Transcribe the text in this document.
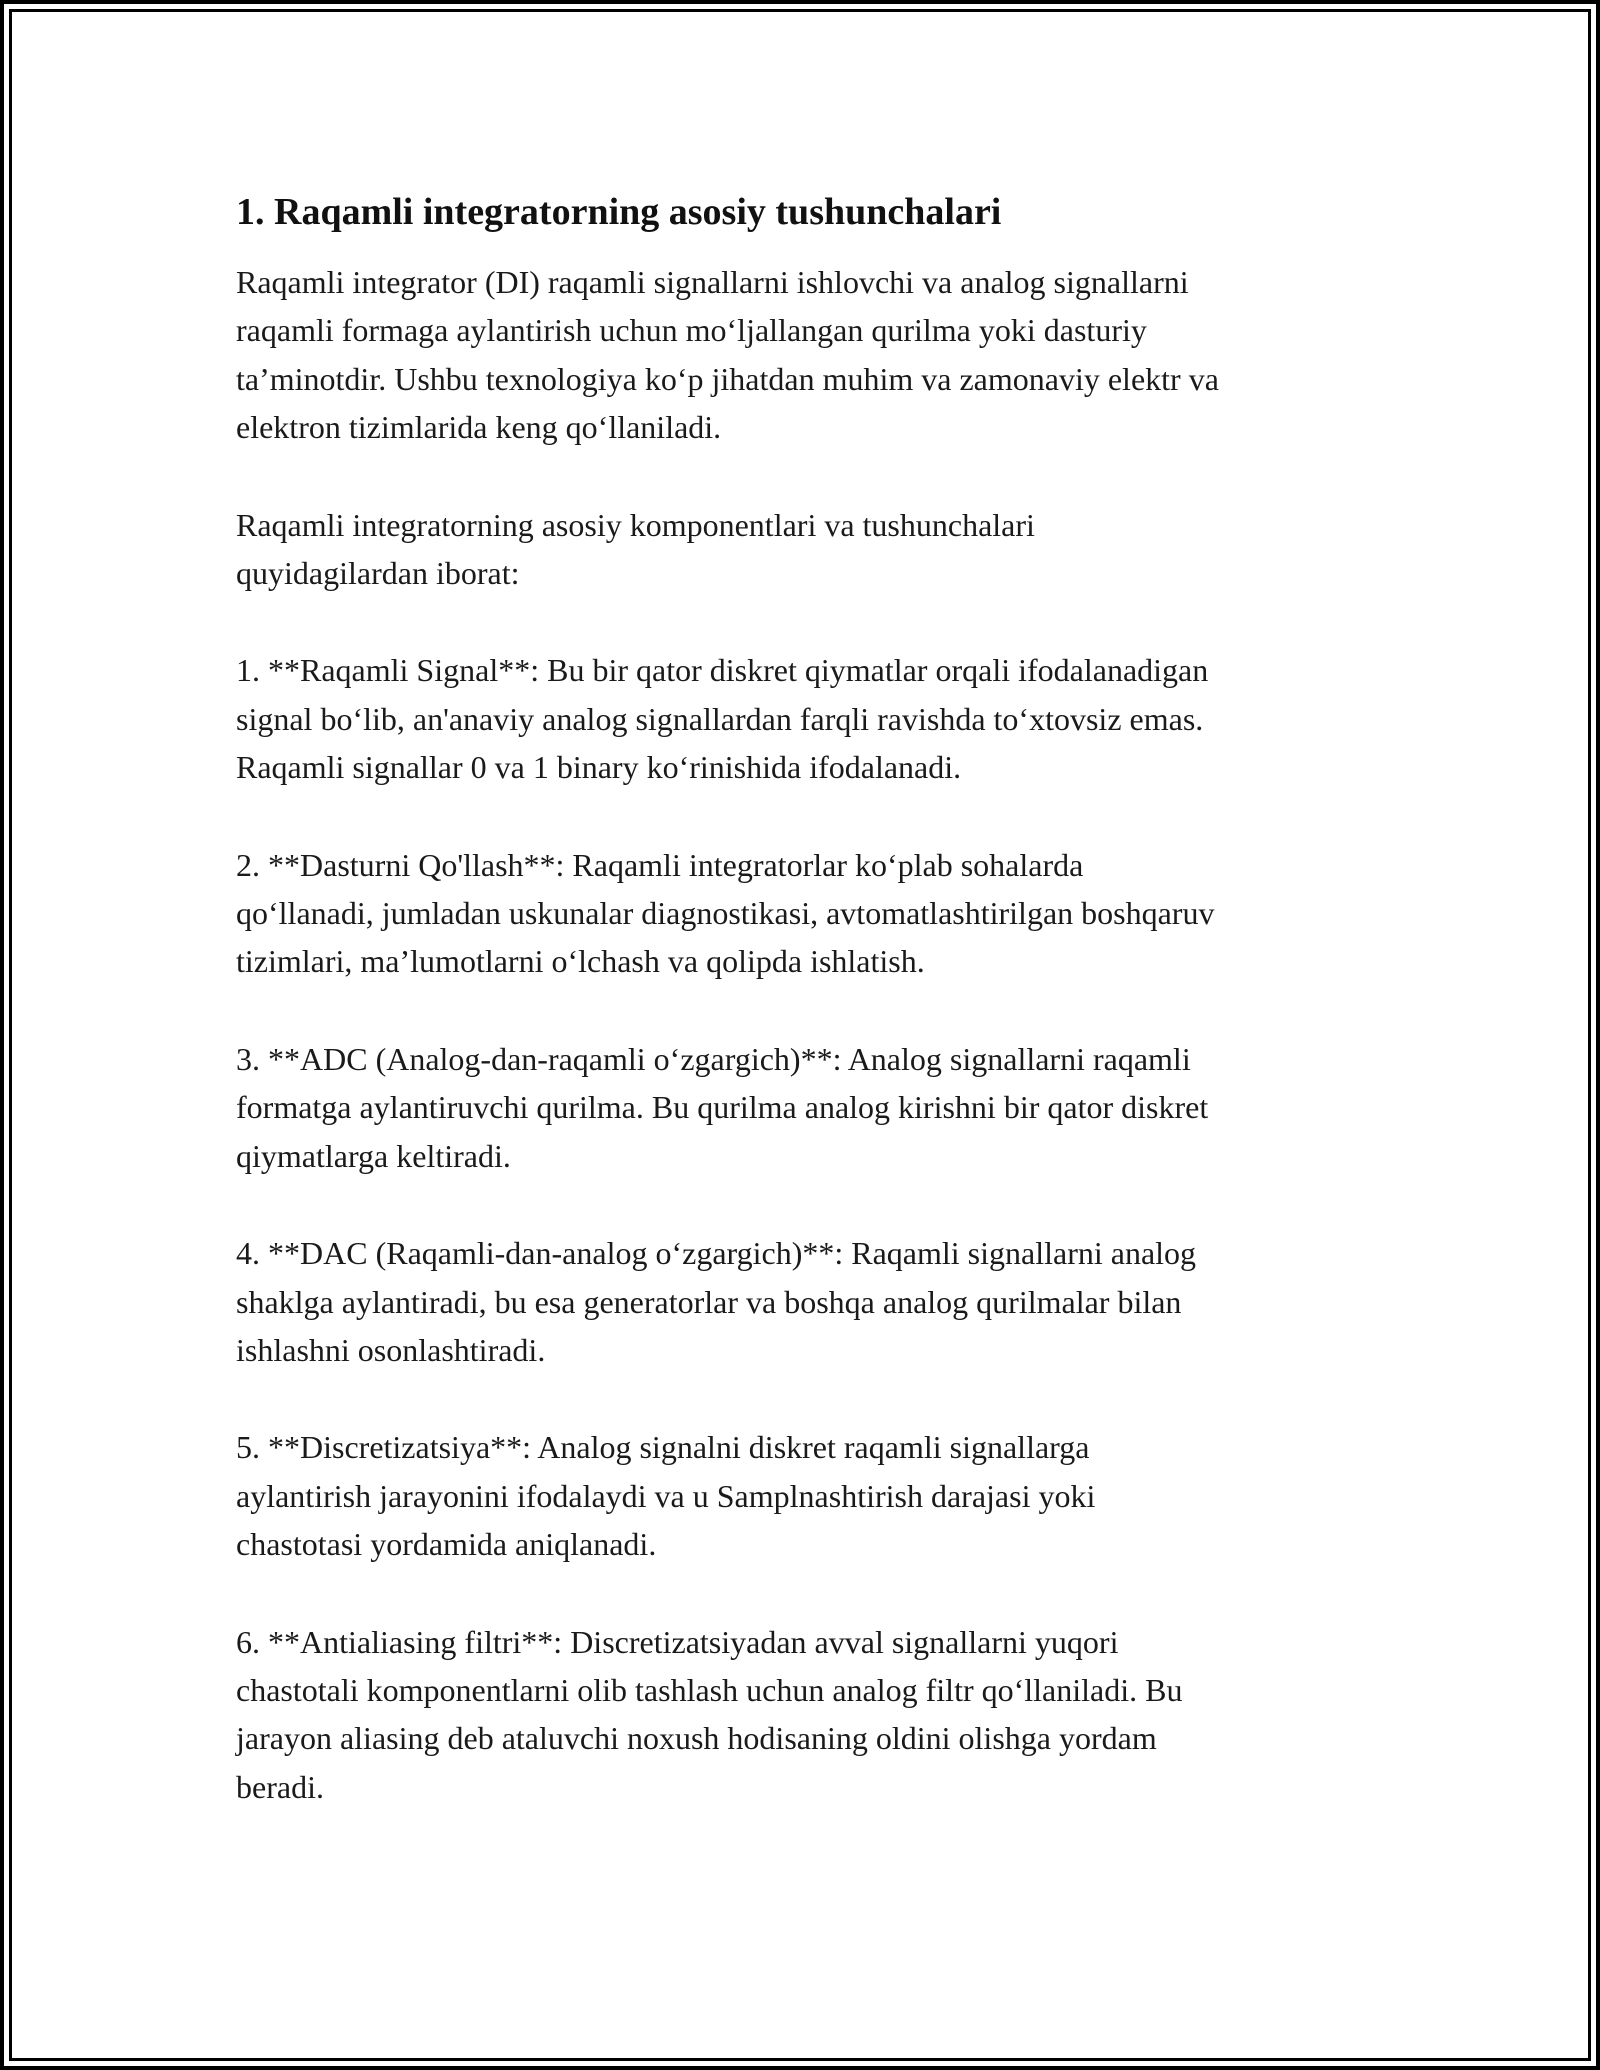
1. Raqamli integratorning asosiy tushunchalari

Raqamli integrator (DI) raqamli signallarni ishlovchi va analog signallarni
raqamli formaga aylantirish uchun mo‘ljallangan qurilma yoki dasturiy
ta’minotdir. Ushbu texnologiya ko‘p jihatdan muhim va zamonaviy elektr va
elektron tizimlarida keng qo‘llaniladi.

Raqamli integratorning asosiy komponentlari va tushunchalari
quyidagilardan iborat:

1. **Raqamli Signal**: Bu bir qator diskret qiymatlar orqali ifodalanadigan
signal bo‘lib, an'anaviy analog signallardan farqli ravishda to‘xtovsiz emas.
Raqamli signallar 0 va 1 binary ko‘rinishida ifodalanadi.

2. **Dasturni Qo'llash**: Raqamli integratorlar ko‘plab sohalarda
qo‘llanadi, jumladan uskunalar diagnostikasi, avtomatlashtirilgan boshqaruv
tizimlari, ma’lumotlarni o‘lchash va qolipda ishlatish.

3. **ADC (Analog-dan-raqamli o‘zgargich)**: Analog signallarni raqamli
formatga aylantiruvchi qurilma. Bu qurilma analog kirishni bir qator diskret
qiymatlarga keltiradi.

4. **DAC (Raqamli-dan-analog o‘zgargich)**: Raqamli signallarni analog
shaklga aylantiradi, bu esa generatorlar va boshqa analog qurilmalar bilan
ishlashni osonlashtiradi.

5. **Discretizatsiya**: Analog signalni diskret raqamli signallarga
aylantirish jarayonini ifodalaydi va u Samplnashtirish darajasi yoki
chastotasi yordamida aniqlanadi.

6. **Antialiasing filtri**: Discretizatsiyadan avval signallarni yuqori
chastotali komponentlarni olib tashlash uchun analog filtr qo‘llaniladi. Bu
jarayon aliasing deb ataluvchi noxush hodisaning oldini olishga yordam
beradi.
